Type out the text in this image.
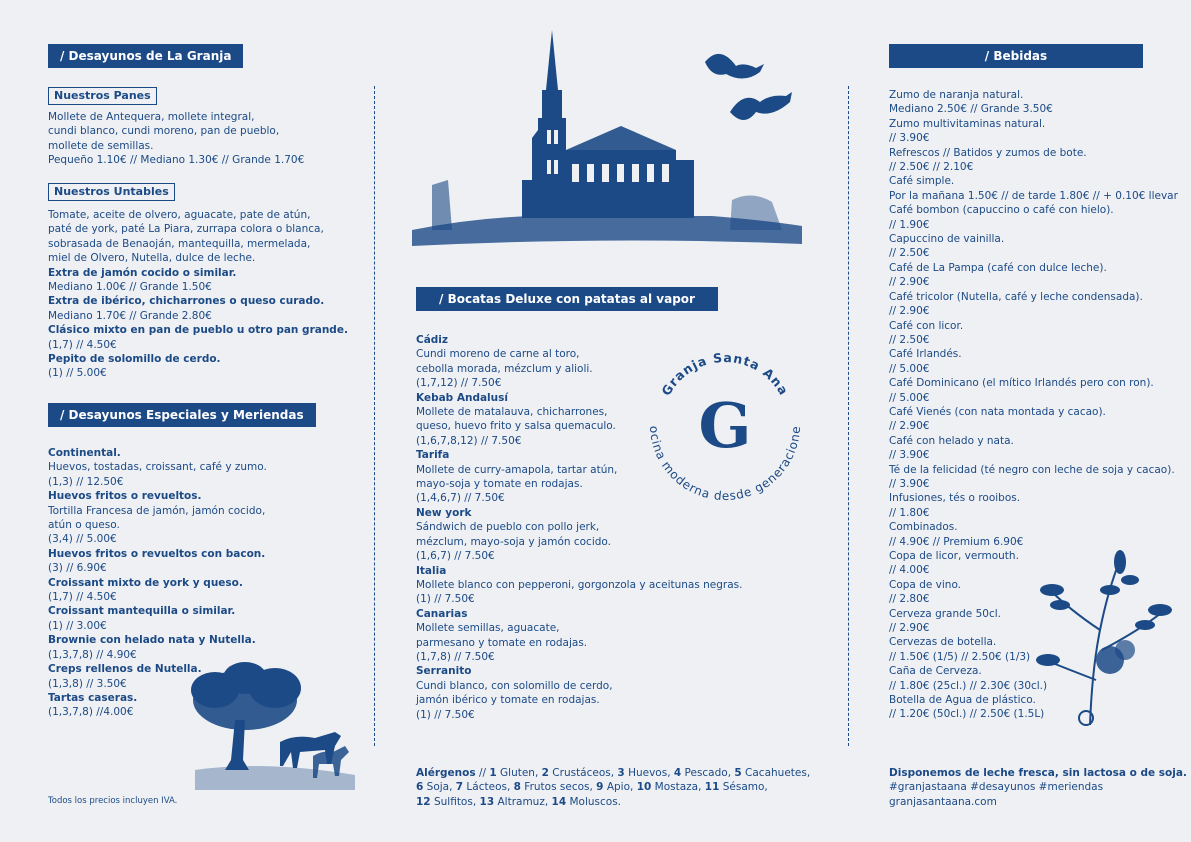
/ Desayunos de La Granja
Nuestros Panes
Mollete de Antequera, mollete integral,
cundi blanco, cundi moreno, pan de pueblo,
mollete de semillas.
Pequeño 1.10€ // Mediano 1.30€ // Grande 1.70€
Nuestros Untables
Tomate, aceite de olvero, aguacate, pate de atún,
paté de york, paté La Piara, zurrapa colora o blanca,
sobrasada de Benaoján, mantequilla, mermelada,
miel de Olvero, Nutella, dulce de leche.
Extra de jamón cocido o similar.
Mediano 1.00€ // Grande 1.50€
Extra de ibérico, chicharrones o queso curado.
Mediano 1.70€ // Grande 2.80€
Clásico mixto en pan de pueblo u otro pan grande.
(1,7) // 4.50€
Pepito de solomillo de cerdo.
(1) // 5.00€
/ Desayunos Especiales y Meriendas
Continental.
Huevos, tostadas, croissant, café y zumo.
(1,3) // 12.50€
Huevos fritos o revueltos.
Tortilla Francesa de jamón, jamón cocido,
atún o queso.
(3,4) // 5.00€
Huevos fritos o revueltos con bacon.
(3) // 6.90€
Croissant mixto de york y queso.
(1,7) // 4.50€
Croissant mantequilla o similar.
(1) // 3.00€
Brownie con helado nata y Nutella.
(1,3,7,8) // 4.90€
Creps rellenos de Nutella.
(1,3,8) // 3.50€
Tartas caseras.
(1,3,7,8) //4.00€
Todos los precios incluyen IVA.
/ Bocatas Deluxe con patatas al vapor
Cádiz
Cundi moreno de carne al toro,
cebolla morada, mézclum y alioli.
(1,7,12) // 7.50€
Kebab Andalusí
Mollete de matalauva, chicharrones,
queso, huevo frito y salsa quemaculo.
(1,6,7,8,12) // 7.50€
Tarifa
Mollete de curry-amapola, tartar atún,
mayo-soja y tomate en rodajas.
(1,4,6,7) // 7.50€
New york
Sándwich de pueblo con pollo jerk,
mézclum, mayo-soja y jamón cocido.
(1,6,7) // 7.50€
Italia
Mollete blanco con pepperoni, gorgonzola y aceitunas negras.
(1) // 7.50€
Canarias
Mollete semillas, aguacate,
parmesano y tomate en rodajas.
(1,7,8) // 7.50€
Serranito
Cundi blanco, con solomillo de cerdo,
jamón ibérico y tomate en rodajas.
(1) // 7.50€
Granja Santa Ana
cocina moderna desde generaciones
G
Alérgenos // 1 Gluten, 2 Crustáceos, 3 Huevos, 4 Pescado, 5 Cacahuetes,
6 Soja, 7 Lácteos, 8 Frutos secos, 9 Apio, 10 Mostaza, 11 Sésamo,
12 Sulfitos, 13 Altramuz, 14 Moluscos.
/ Bebidas
Zumo de naranja natural.
Mediano 2.50€ // Grande 3.50€
Zumo multivitaminas natural.
// 3.90€
Refrescos // Batidos y zumos de bote.
// 2.50€ // 2.10€
Café simple.
Por la mañana 1.50€ // de tarde 1.80€ // + 0.10€ llevar
Café bombon (capuccino o café con hielo).
// 1.90€
Capuccino de vainilla.
// 2.50€
Café de La Pampa (café con dulce leche).
// 2.90€
Café tricolor (Nutella, café y leche condensada).
// 2.90€
Café con licor.
// 2.50€
Café Irlandés.
// 5.00€
Café Dominicano (el mítico Irlandés pero con ron).
// 5.00€
Café Vienés (con nata montada y cacao).
// 2.90€
Café con helado y nata.
// 3.90€
Té de la felicidad (té negro con leche de soja y cacao).
// 3.90€
Infusiones, tés o rooibos.
// 1.80€
Combinados.
// 4.90€ // Premium 6.90€
Copa de licor, vermouth.
// 4.00€
Copa de vino.
// 2.80€
Cerveza grande 50cl.
// 2.90€
Cervezas de botella.
// 1.50€ (1/5) // 2.50€ (1/3)
Caña de Cerveza.
// 1.80€ (25cl.) // 2.30€ (30cl.)
Botella de Agua de plástico.
// 1.20€ (50cl.) // 2.50€ (1.5L)
Disponemos de leche fresca, sin lactosa o de soja.
#granjastaana #desayunos #meriendas
granjasantaana.com
